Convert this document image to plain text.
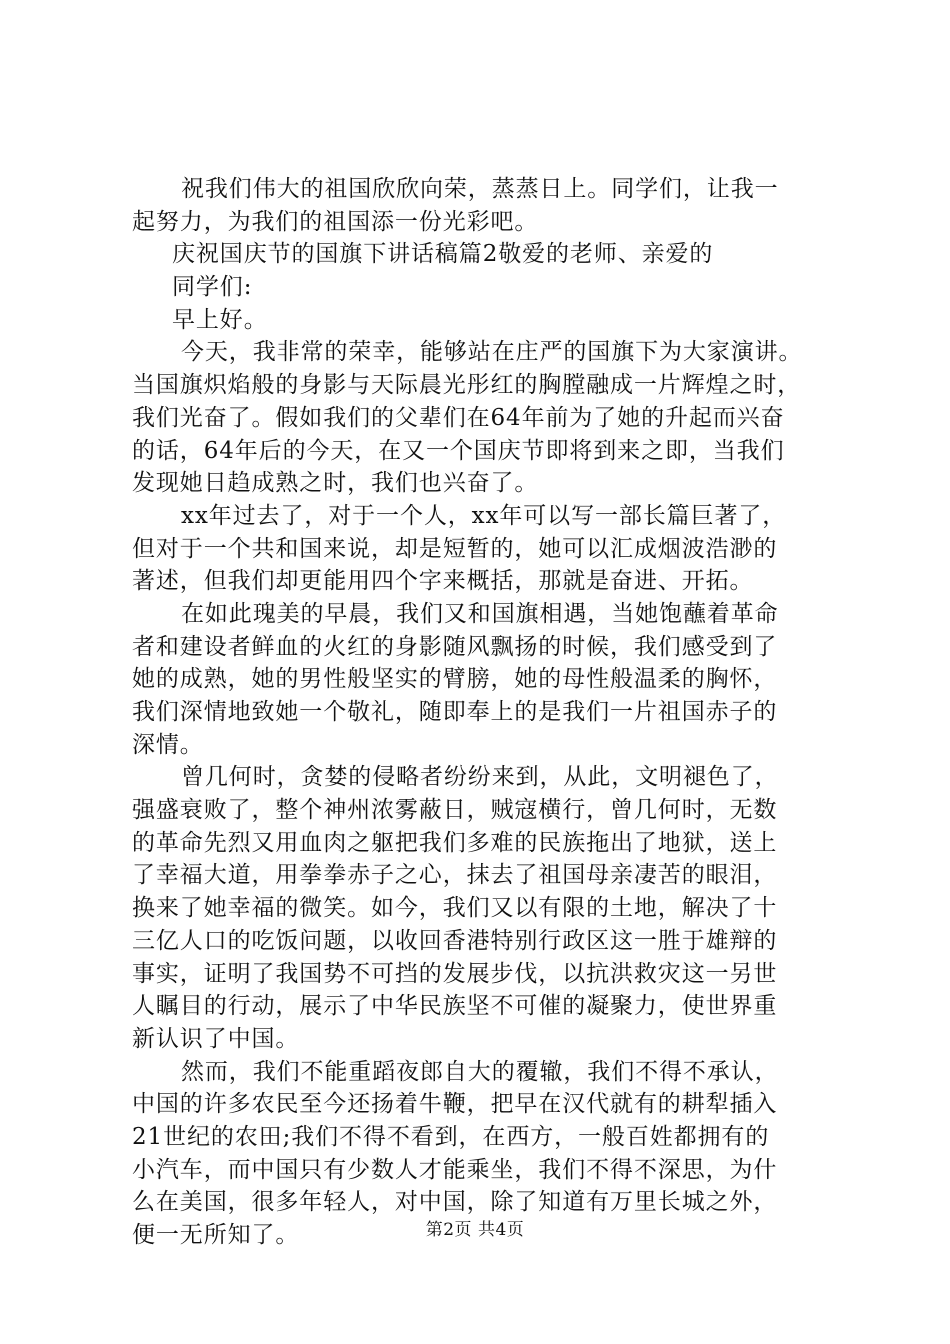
祝我们伟大的祖国欣欣向荣，蒸蒸日上。同学们，让我一
起努力，为我们的祖国添一份光彩吧。
庆祝国庆节的国旗下讲话稿篇2敬爱的老师、亲爱的
同学们:
早上好。
今天，我非常的荣幸，能够站在庄严的国旗下为大家演讲。
当国旗炽焰般的身影与天际晨光彤红的胸膛融成一片辉煌之时，
我们光奋了。假如我们的父辈们在64年前为了她的升起而兴奋
的话，64年后的今天，在又一个国庆节即将到来之即，当我们
发现她日趋成熟之时，我们也兴奋了。
xx年过去了，对于一个人，xx年可以写一部长篇巨著了，
但对于一个共和国来说，却是短暂的，她可以汇成烟波浩渺的
著述，但我们却更能用四个字来概括，那就是奋进、开拓。
在如此瑰美的早晨，我们又和国旗相遇，当她饱蘸着革命
者和建设者鲜血的火红的身影随风飘扬的时候，我们感受到了
她的成熟，她的男性般坚实的臂膀，她的母性般温柔的胸怀，
我们深情地致她一个敬礼，随即奉上的是我们一片祖国赤子的
深情。
曾几何时，贪婪的侵略者纷纷来到，从此，文明褪色了，
强盛衰败了，整个神州浓雾蔽日，贼寇横行，曾几何时，无数
的革命先烈又用血肉之躯把我们多难的民族拖出了地狱，送上
了幸福大道，用拳拳赤子之心，抹去了祖国母亲凄苦的眼泪，
换来了她幸福的微笑。如今，我们又以有限的土地，解决了十
三亿人口的吃饭问题，以收回香港特别行政区这一胜于雄辩的
事实，证明了我国势不可挡的发展步伐，以抗洪救灾这一另世
人瞩目的行动，展示了中华民族坚不可催的凝聚力，使世界重
新认识了中国。
然而，我们不能重蹈夜郎自大的覆辙，我们不得不承认，
中国的许多农民至今还扬着牛鞭，把早在汉代就有的耕犁插入
21世纪的农田;我们不得不看到，在西方，一般百姓都拥有的
小汽车，而中国只有少数人才能乘坐，我们不得不深思，为什
么在美国，很多年轻人，对中国，除了知道有万里长城之外，
便一无所知了。	第2页 共4页
